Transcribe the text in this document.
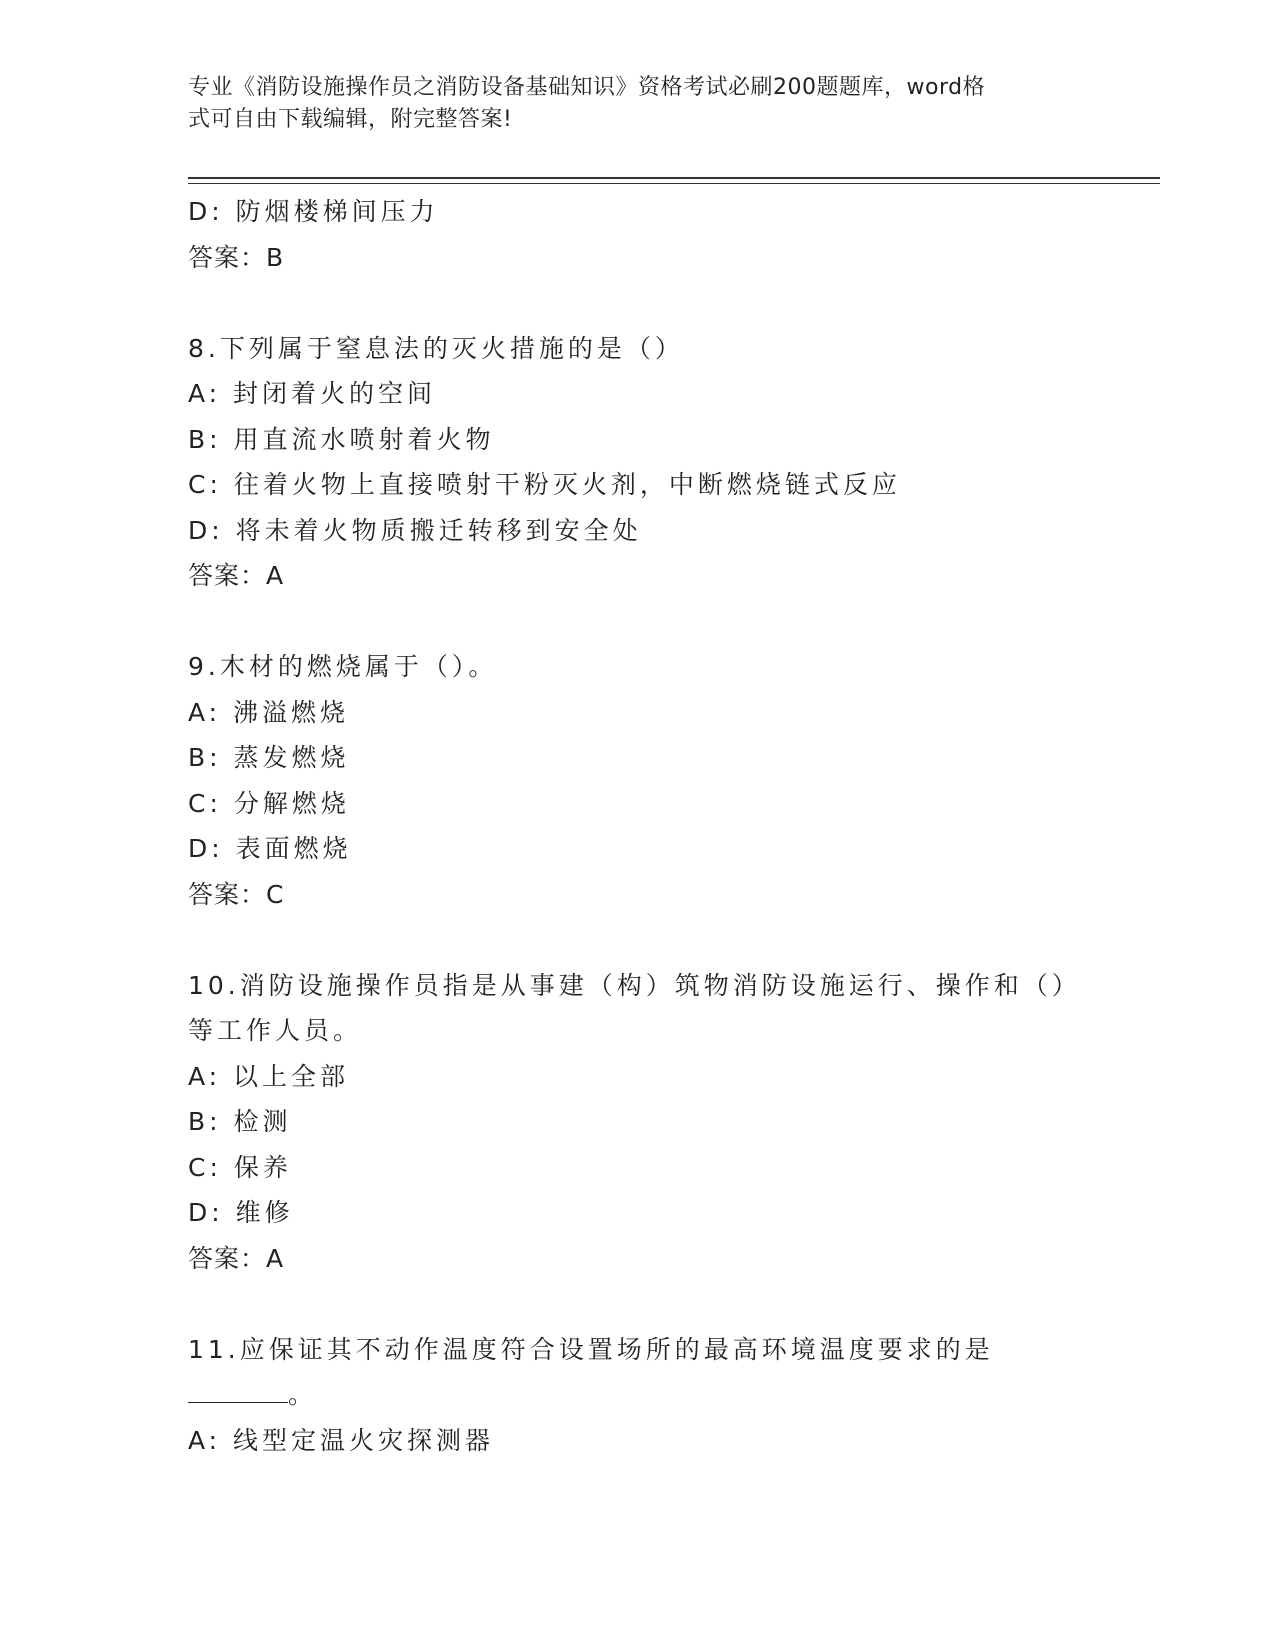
专业《消防设施操作员之消防设备基础知识》资格考试必刷200题题库，word格
式可自由下载编辑，附完整答案!
D: 防烟楼梯间压力
答案：B
8.下列属于窒息法的灭火措施的是（）
A: 封闭着火的空间
B: 用直流水喷射着火物
C: 往着火物上直接喷射干粉灭火剂，中断燃烧链式反应
D: 将未着火物质搬迁转移到安全处
答案：A
9.木材的燃烧属于（）。
A: 沸溢燃烧
B: 蒸发燃烧
C: 分解燃烧
D: 表面燃烧
答案：C
10.消防设施操作员指是从事建（构）筑物消防设施运行、操作和（）
等工作人员。
A: 以上全部
B: 检测
C: 保养
D: 维修
答案：A
11.应保证其不动作温度符合设置场所的最高环境温度要求的是
。
A: 线型定温火灾探测器
